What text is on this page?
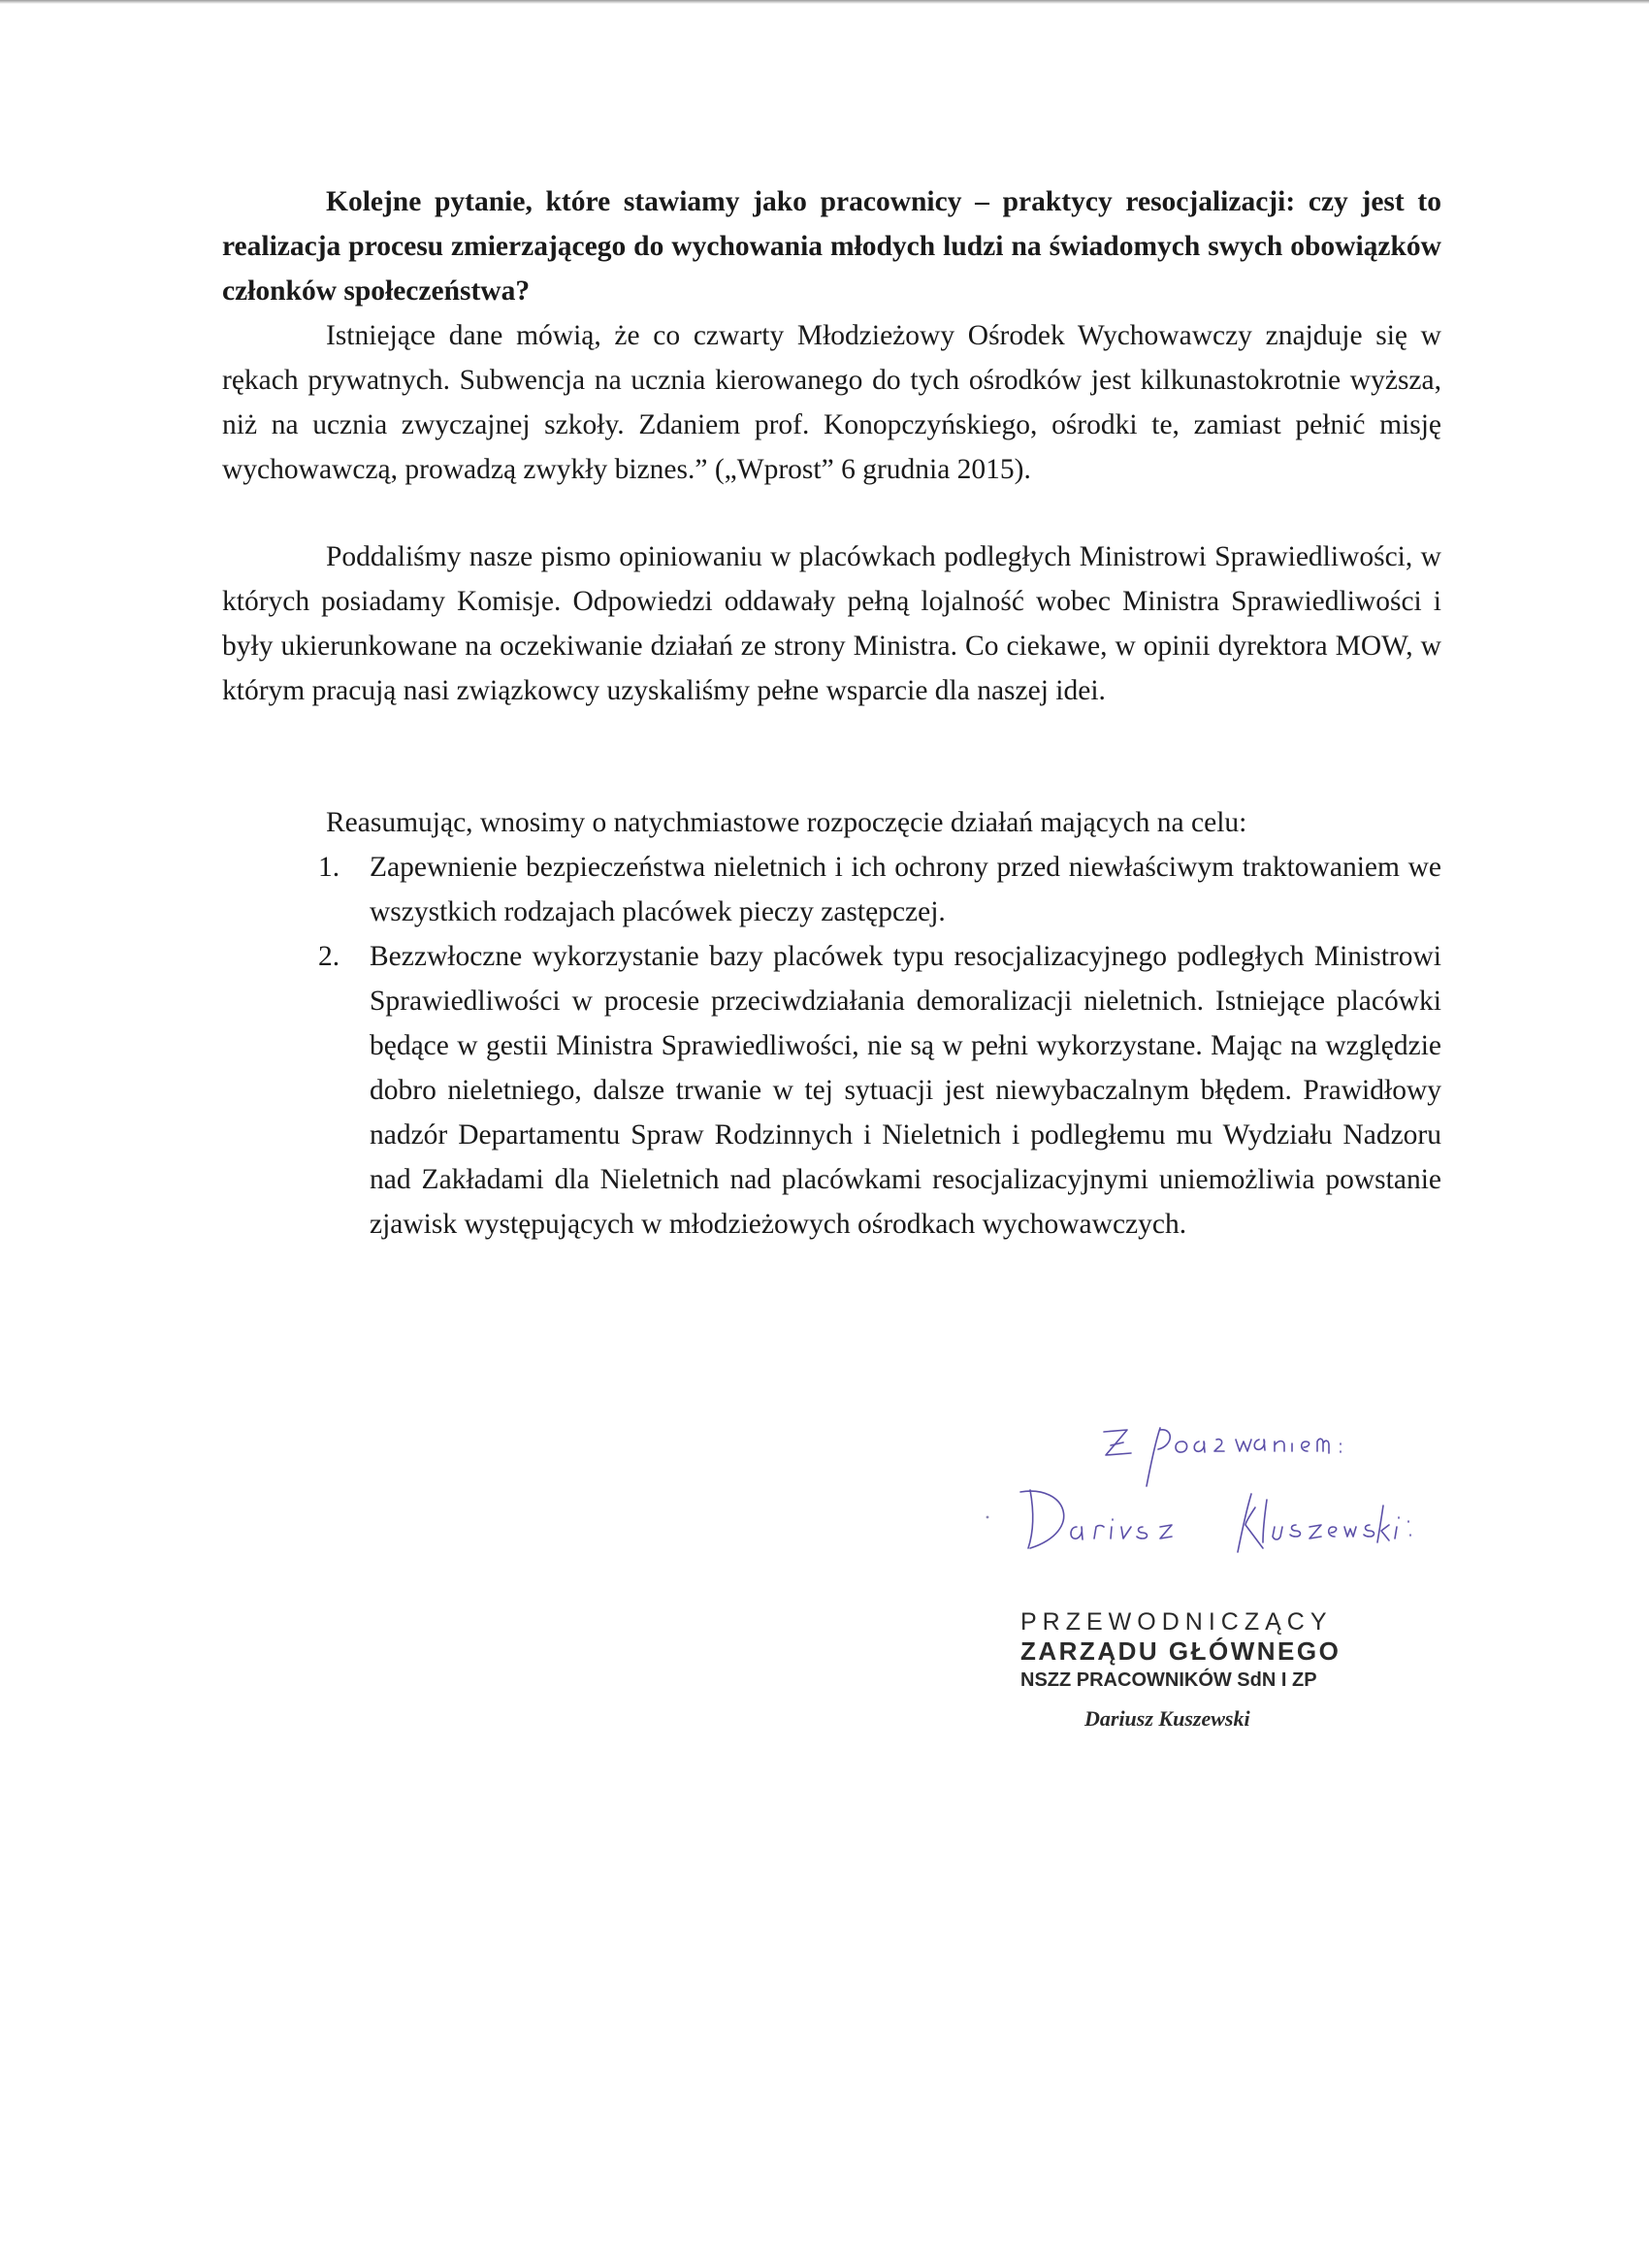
Kolejne pytanie, które stawiamy jako pracownicy – praktycy resocjalizacji: czy jest to realizacja procesu zmierzającego do wychowania młodych ludzi na świadomych swych obowiązków członków społeczeństwa?

Istniejące dane mówią, że co czwarty Młodzieżowy Ośrodek Wychowawczy znajduje się w rękach prywatnych. Subwencja na ucznia kierowanego do tych ośrodków jest kilkunastokrotnie wyższa, niż na ucznia zwyczajnej szkoły. Zdaniem prof. Konopczyńskiego, ośrodki te, zamiast pełnić misję wychowawczą, prowadzą zwykły biznes.” („Wprost” 6 grudnia 2015).

Poddaliśmy nasze pismo opiniowaniu w placówkach podległych Ministrowi Sprawiedliwości, w których posiadamy Komisje. Odpowiedzi oddawały pełną lojalność wobec Ministra Sprawiedliwości i były ukierunkowane na oczekiwanie działań ze strony Ministra. Co ciekawe, w opinii dyrektora MOW, w którym pracują nasi związkowcy uzyskaliśmy pełne wsparcie dla naszej idei.

Reasumując, wnosimy o natychmiastowe rozpoczęcie działań mających na celu:

1. Zapewnienie bezpieczeństwa nieletnich i ich ochrony przed niewłaściwym traktowaniem we wszystkich rodzajach placówek pieczy zastępczej.
2. Bezzwłoczne wykorzystanie bazy placówek typu resocjalizacyjnego podległych Ministrowi Sprawiedliwości w procesie przeciwdziałania demoralizacji nieletnich. Istniejące placówki będące w gestii Ministra Sprawiedliwości, nie są w pełni wykorzystane. Mając na względzie dobro nieletniego, dalsze trwanie w tej sytuacji jest niewybaczalnym błędem. Prawidłowy nadzór Departamentu Spraw Rodzinnych i Nieletnich i podległemu mu Wydziału Nadzoru nad Zakładami dla Nieletnich nad placówkami resocjalizacyjnymi uniemożliwia powstanie zjawisk występujących w młodzieżowych ośrodkach wychowawczych.
PRZEWODNICZĄCY
ZARZĄDU GŁÓWNEGO
NSZZ PRACOWNIKÓW SdN I ZP
Dariusz Kuszewski
